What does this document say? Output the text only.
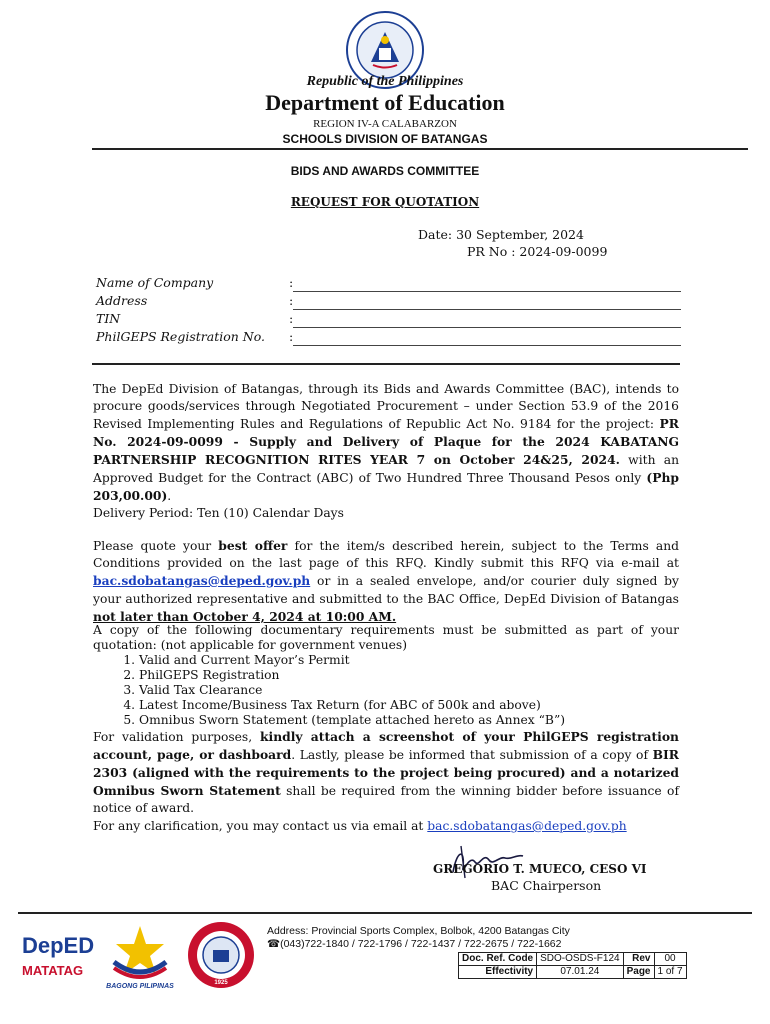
Republic of the Philippines
Department of Education
REGION IV-A CALABARZON
SCHOOLS DIVISION OF BATANGAS
BIDS AND AWARDS COMMITTEE
REQUEST FOR QUOTATION
Date: 30 September, 2024
PR No : 2024-09-0099
Name of Company	:
Address	:
TIN	:
PhilGEPS Registration No. :
The DepEd Division of Batangas, through its Bids and Awards Committee (BAC), intends to procure goods/services through Negotiated Procurement – under Section 53.9 of the 2016 Revised Implementing Rules and Regulations of Republic Act No. 9184 for the project: PR No. 2024-09-0099 - Supply and Delivery of Plaque for the 2024 KABATANG PARTNERSHIP RECOGNITION RITES YEAR 7 on October 24&25, 2024. with an Approved Budget for the Contract (ABC) of Two Hundred Three Thousand Pesos only (Php 203,00.00).
Delivery Period: Ten (10) Calendar Days
Please quote your best offer for the item/s described herein, subject to the Terms and Conditions provided on the last page of this RFQ. Kindly submit this RFQ via e-mail at bac.sdobatangas@deped.gov.ph or in a sealed envelope, and/or courier duly signed by your authorized representative and submitted to the BAC Office, DepEd Division of Batangas not later than October 4, 2024 at 10:00 AM.
A copy of the following documentary requirements must be submitted as part of your quotation: (not applicable for government venues)
1. Valid and Current Mayor’s Permit
2. PhilGEPS Registration
3. Valid Tax Clearance
4. Latest Income/Business Tax Return (for ABC of 500k and above)
5. Omnibus Sworn Statement (template attached hereto as Annex “B”)
For validation purposes, kindly attach a screenshot of your PhilGEPS registration account, page, or dashboard. Lastly, please be informed that submission of a copy of BIR 2303 (aligned with the requirements to the project being procured) and a notarized Omnibus Sworn Statement shall be required from the winning bidder before issuance of notice of award.
For any clarification, you may contact us via email at bac.sdobatangas@deped.gov.ph
GREGORIO T. MUECO, CESO VI
BAC Chairperson
DepED
MATATAG
BAGONG PILIPINAS	1925
Address: Provincial Sports Complex, Bolbok, 4200 Batangas City
☎(043)722-1840 / 722-1796 / 722-1437 / 722-2675 / 722-1662
Doc. Ref. Code	SDO-OSDS-F124	Rev	00
Effectivity	07.01.24	Page	1 of 7
